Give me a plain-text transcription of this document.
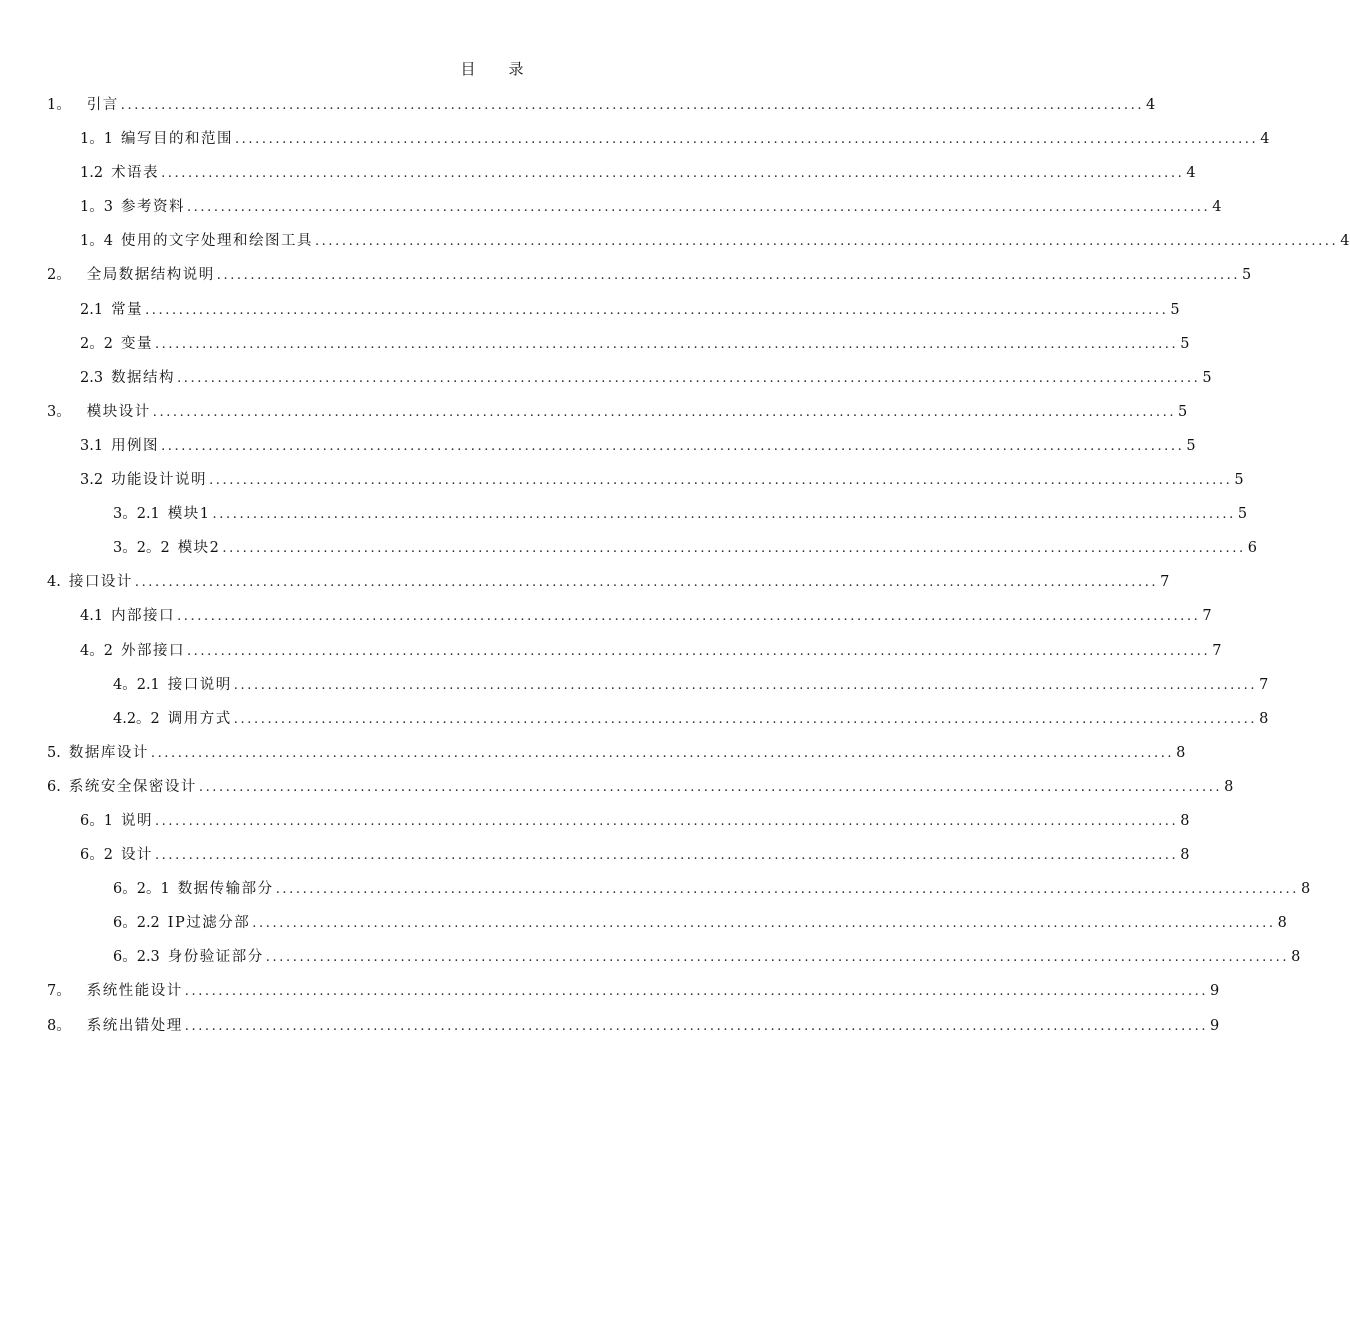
目　　录
1。 引言 ........................................................................................................................................................ 4
1。1 编写目的和范围 ........................................................................................................................................................ 4
1.2 术语表 ........................................................................................................................................................ 4
1。3 参考资料 ........................................................................................................................................................ 4
1。4 使用的文字处理和绘图工具 ........................................................................................................................................................ 4
2。 全局数据结构说明 ........................................................................................................................................................ 5
2.1 常量 ........................................................................................................................................................ 5
2。2 变量 ........................................................................................................................................................ 5
2.3 数据结构 ........................................................................................................................................................ 5
3。 模块设计 ........................................................................................................................................................ 5
3.1 用例图 ........................................................................................................................................................ 5
3.2 功能设计说明 ........................................................................................................................................................ 5
3。2.1 模块1 ........................................................................................................................................................ 5
3。2。2 模块2 ........................................................................................................................................................ 6
4. 接口设计 ........................................................................................................................................................ 7
4.1 内部接口 ........................................................................................................................................................ 7
4。2 外部接口 ........................................................................................................................................................ 7
4。2.1 接口说明 ........................................................................................................................................................ 7
4.2。2 调用方式 ........................................................................................................................................................ 8
5. 数据库设计 ........................................................................................................................................................ 8
6. 系统安全保密设计 ........................................................................................................................................................ 8
6。1 说明 ........................................................................................................................................................ 8
6。2 设计 ........................................................................................................................................................ 8
6。2。1 数据传输部分 ........................................................................................................................................................ 8
6。2.2 IP过滤分部 ........................................................................................................................................................ 8
6。2.3 身份验证部分 ........................................................................................................................................................ 8
7。 系统性能设计 ........................................................................................................................................................ 9
8。 系统出错处理 ........................................................................................................................................................ 9
